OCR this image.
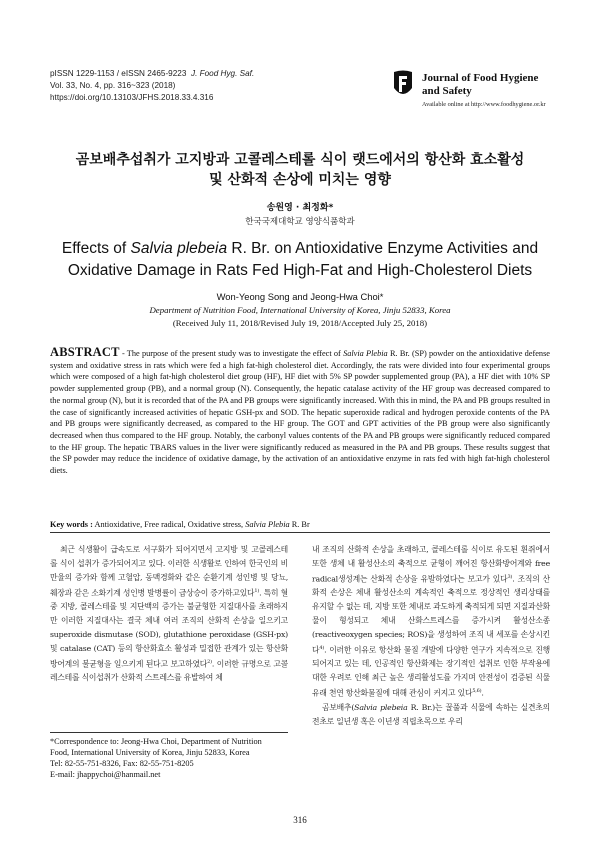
pISSN 1229-1153 / eISSN 2465-9223 J. Food Hyg. Saf.
Vol. 33, No. 4, pp. 316~323 (2018)
https://doi.org/10.13103/JFHS.2018.33.4.316
Journal of Food Hygiene
and Safety
Available online at http://www.foodhygiene.or.kr
곰보배추섭취가 고지방과 고콜레스테롤 식이 랫드에서의 항산화 효소활성
및 산화적 손상에 미치는 영향
송원영 · 최정화*
한국국제대학교 영양식품학과
Effects of Salvia plebeia R. Br. on Antioxidative Enzyme Activities and
Oxidative Damage in Rats Fed High-Fat and High-Cholesterol Diets
Won-Yeong Song and Jeong-Hwa Choi*
Department of Nutrition Food, International University of Korea, Jinju 52833, Korea
(Received July 11, 2018/Revised July 19, 2018/Accepted July 25, 2018)
ABSTRACT - The purpose of the present study was to investigate the effect of Salvia Plebia R. Br. (SP) powder on the antioxidative defense system and oxidative stress in rats which were fed a high fat-high cholesterol diet. Accordingly, the rats were divided into four experimental groups which were composed of a high fat-high cholesterol diet group (HF), HF diet with 5% SP powder supplemented group (PA), a HF diet with 10% SP powder supplemented group (PB), and a normal group (N). Consequently, the hepatic catalase activity of the HF group was decreased compared to the normal group (N), but it is recorded that of the PA and PB groups were significantly increased. With this in mind, the PA and PB groups resulted in the case of significantly increased activities of hepatic GSH-px and SOD. The hepatic superoxide radical and hydrogen peroxide contents of the PA and PB groups were significantly decreased, as compared to the HF group. The GOT and GPT activities of the PB group were also significantly decreased when thus compared to the HF group. Notably, the carbonyl values contents of the PA and PB groups were significantly reduced compared to the HF group. The hepatic TBARS values in the liver were significantly reduced as measured in the PA and PB groups. These results suggest that the SP powder may reduce the incidence of oxidative damage, by the activation of an antioxidative enzyme in rats fed with high fat-high cholesterol diets.
Key words : Antioxidative, Free radical, Oxidative stress, Salvia Plebia R. Br

최근 식생활이 급속도로 서구화가 되어지면서 고지방 및 고콜레스테롤 식이 섭취가 증가되어지고 있다. 이러한 식생활로 인하여 한국인의 비만율의 증가와 함께 고혈압, 동맥경화와 같은 순환기계 성인병 및 당뇨, 췌장과 같은 소화기계 성인병 발병률이 급상승이 증가하고있다$^{1)}$. 특히 혈중 지방, 콜레스테롤 및 지단백의 증가는 불균형한 지질대사를 초래하지만 이러한 지질대사는 결국 체내 여러 조직의 산화적 손상을 일으키고 superoxide dismutase (SOD), glutathione peroxidase (GSH-px) 및 catalase (CAT) 등의 항산화효소 활성과 밀접한 관계가 있는 항산화방어계의 불균형을 일으키게 된다고 보고하였다$^{2)}$. 이러한 규명으로 고콜레스테롤 식이섭취가 산화적 스트레스를 유발하여 체

*Correspondence to: Jeong-Hwa Choi, Department of Nutrition
Food, International University of Korea, Jinju 52833, Korea
Tel: 82-55-751-8326, Fax: 82-55-751-8205
E-mail: jhappychoi@hanmail.net

내 조직의 산화적 손상을 초래하고, 콜레스테롤 식이로 유도된 흰쥐에서 또한 생체 내 활성산소의 축적으로 균형이 깨어진 항산화방어계와 free radical생성계는 산화적 손상을 유발하였다는 보고가 있다$^{3)}$. 조직의 산화적 손상은 체내 활성산소의 계속적인 축적으로 정상적인 생리상태를 유지할 수 없는 데, 지방 또한 체내로 과도하게 축적되게 되면 지질과산화물이 형성되고 체내 산화스트레스를 증가시켜 활성산소종(reactiveoxygen species; ROS)을 생성하여 조직 내 세포를 손상시킨다$^{4)}$. 이러한 이유로 항산화 물질 개발에 다양한 연구가 지속적으로 진행되어지고 있는 데, 인공적인 항산화제는 장기적인 섭취로 인한 부작용에 대한 우려로 인해 최근 높은 생리활성도를 가지며 안전성이 검증된 식물 유래 천연 항산화물질에 대해 관심이 커지고 있다$^{5,6)}$.

곰보배추(Salvia plebeia R. Br.)는 꿀풀과 식물에 속하는 실견초의 전초로 일년생 혹은 이년생 직립초목으로 우리

316
